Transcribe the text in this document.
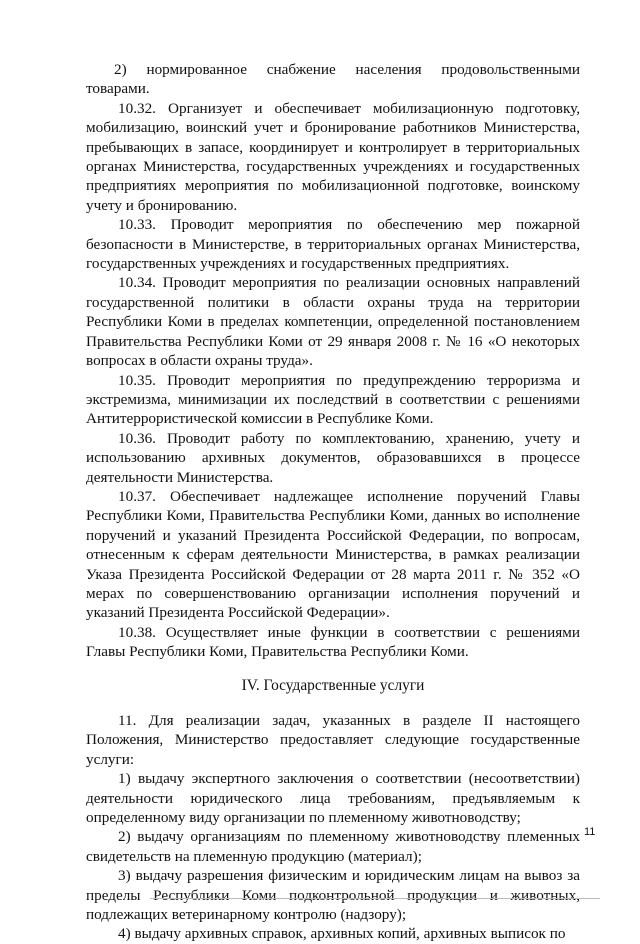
2) нормированное снабжение населения продовольственными товарами.

10.32. Организует и обеспечивает мобилизационную подготовку, мобилизацию, воинский учет и бронирование работников Министерства, пребывающих в запасе, координирует и контролирует в территориальных органах Министерства, государственных учреждениях и государственных предприятиях мероприятия по мобилизационной подготовке, воинскому учету и бронированию.

10.33. Проводит мероприятия по обеспечению мер пожарной безопасности в Министерстве, в территориальных органах Министерства, государственных учреждениях и государственных предприятиях.

10.34. Проводит мероприятия по реализации основных направлений государственной политики в области охраны труда на территории Республики Коми в пределах компетенции, определенной постановлением Правительства Республики Коми от 29 января 2008 г. № 16 «О некоторых вопросах в области охраны труда».

10.35. Проводит мероприятия по предупреждению терроризма и экстремизма, минимизации их последствий в соответствии с решениями Антитеррористической комиссии в Республике Коми.

10.36. Проводит работу по комплектованию, хранению, учету и использованию архивных документов, образовавшихся в процессе деятельности Министерства.

10.37. Обеспечивает надлежащее исполнение поручений Главы Республики Коми, Правительства Республики Коми, данных во исполнение поручений и указаний Президента Российской Федерации, по вопросам, отнесенным к сферам деятельности Министерства, в рамках реализации Указа Президента Российской Федерации от 28 марта 2011 г. № 352 «О мерах по совершенствованию организации исполнения поручений и указаний Президента Российской Федерации».

10.38. Осуществляет иные функции в соответствии с решениями Главы Республики Коми, Правительства Республики Коми.

IV. Государственные услуги

11. Для реализации задач, указанных в разделе II настоящего Положения, Министерство предоставляет следующие государственные услуги:

1) выдачу экспертного заключения о соответствии (несоответствии) деятельности юридического лица требованиям, предъявляемым к определенному виду организации по племенному животноводству;

2) выдачу организациям по племенному животноводству племенных свидетельств на племенную продукцию (материал);

3) выдачу разрешения физическим и юридическим лицам на вывоз за пределы Республики Коми подконтрольной продукции и животных, подлежащих ветеринарному контролю (надзору);

4) выдачу архивных справок, архивных копий, архивных выписок по

11
